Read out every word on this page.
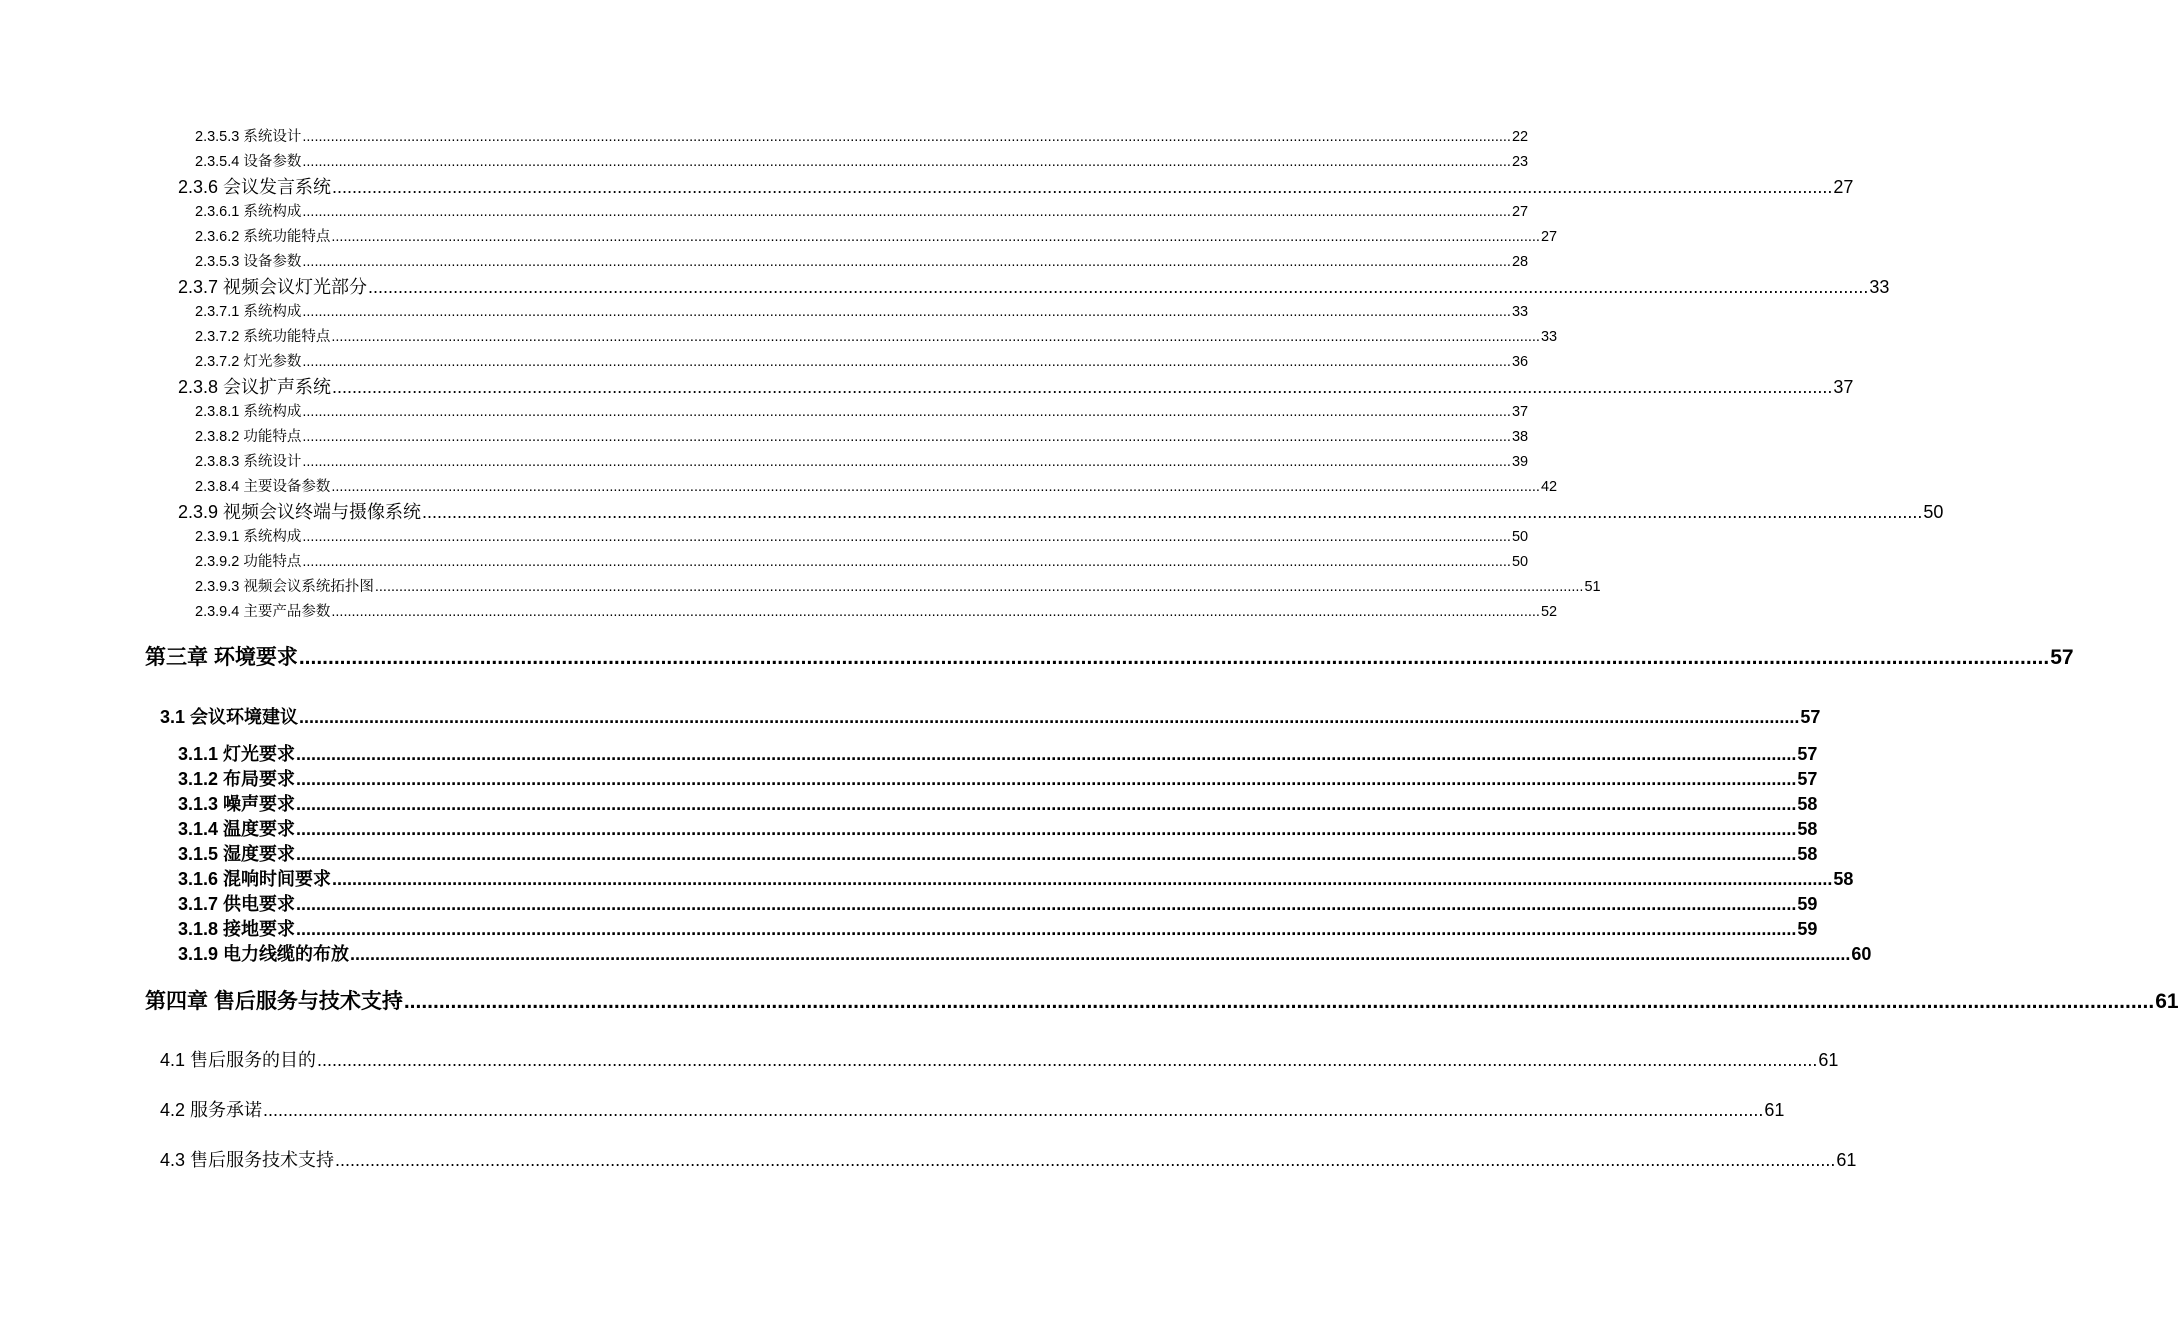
2.3.5.3 系统设计 ............................................................................................................................................................................................................................................................................................................ 22
2.3.5.4 设备参数 ............................................................................................................................................................................................................................................................................................................ 23
2.3.6 会议发言系统 ............................................................................................................................................................................................................................................................................................................ 27
2.3.6.1 系统构成 ............................................................................................................................................................................................................................................................................................................ 27
2.3.6.2 系统功能特点 ............................................................................................................................................................................................................................................................................................................ 27
2.3.5.3 设备参数 ............................................................................................................................................................................................................................................................................................................ 28
2.3.7 视频会议灯光部分 ............................................................................................................................................................................................................................................................................................................ 33
2.3.7.1 系统构成 ............................................................................................................................................................................................................................................................................................................ 33
2.3.7.2 系统功能特点 ............................................................................................................................................................................................................................................................................................................ 33
2.3.7.2 灯光参数 ............................................................................................................................................................................................................................................................................................................ 36
2.3.8 会议扩声系统 ............................................................................................................................................................................................................................................................................................................ 37
2.3.8.1 系统构成 ............................................................................................................................................................................................................................................................................................................ 37
2.3.8.2 功能特点 ............................................................................................................................................................................................................................................................................................................ 38
2.3.8.3 系统设计 ............................................................................................................................................................................................................................................................................................................ 39
2.3.8.4 主要设备参数 ............................................................................................................................................................................................................................................................................................................ 42
2.3.9 视频会议终端与摄像系统 ............................................................................................................................................................................................................................................................................................................ 50
2.3.9.1 系统构成 ............................................................................................................................................................................................................................................................................................................ 50
2.3.9.2 功能特点 ............................................................................................................................................................................................................................................................................................................ 50
2.3.9.3 视频会议系统拓扑图 ............................................................................................................................................................................................................................................................................................................ 51
2.3.9.4 主要产品参数 ............................................................................................................................................................................................................................................................................................................ 52
第三章 环境要求 ............................................................................................................................................................................................................................................................................................................ 57
3.1 会议环境建议 ............................................................................................................................................................................................................................................................................................................ 57
3.1.1 灯光要求 ............................................................................................................................................................................................................................................................................................................ 57
3.1.2 布局要求 ............................................................................................................................................................................................................................................................................................................ 57
3.1.3 噪声要求 ............................................................................................................................................................................................................................................................................................................ 58
3.1.4 温度要求 ............................................................................................................................................................................................................................................................................................................ 58
3.1.5 湿度要求 ............................................................................................................................................................................................................................................................................................................ 58
3.1.6 混响时间要求 ............................................................................................................................................................................................................................................................................................................ 58
3.1.7 供电要求 ............................................................................................................................................................................................................................................................................................................ 59
3.1.8 接地要求 ............................................................................................................................................................................................................................................................................................................ 59
3.1.9 电力线缆的布放 ............................................................................................................................................................................................................................................................................................................ 60
第四章 售后服务与技术支持 ............................................................................................................................................................................................................................................................................................................ 61
4.1 售后服务的目的 ............................................................................................................................................................................................................................................................................................................ 61
4.2 服务承诺 ............................................................................................................................................................................................................................................................................................................ 61
4.3 售后服务技术支持 ............................................................................................................................................................................................................................................................................................................ 61
